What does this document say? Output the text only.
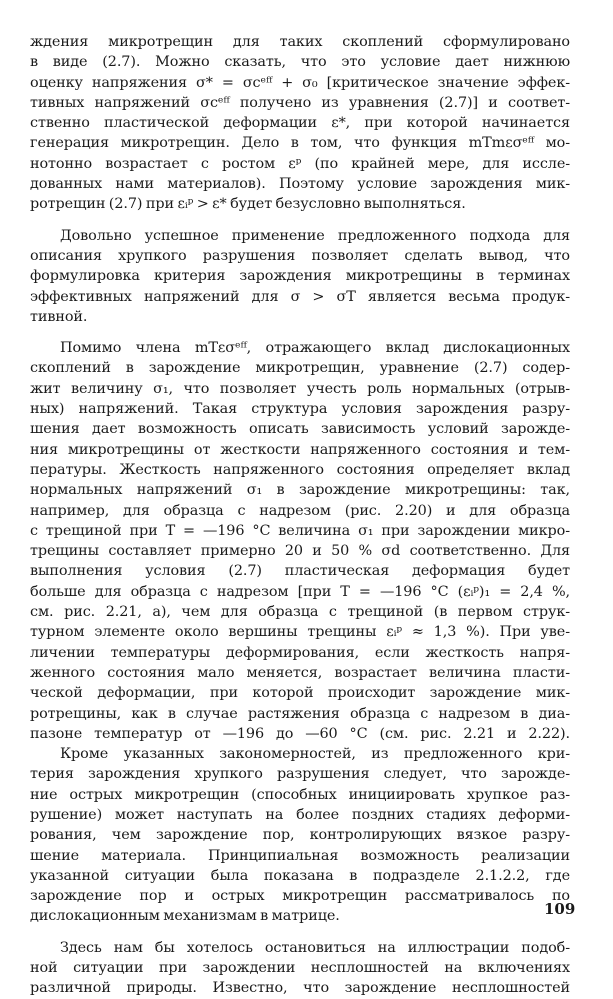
ждения микротрещин для таких скоплений сформулировано

в виде (2.7). Можно сказать, что это условие дает нижнюю

оценку напряжения σ* = σcᵉᶠᶠ + σ₀ [критическое значение эффек-

тивных напряжений σcᵉᶠᶠ получено из уравнения (2.7)] и соответ-

ственно пластической деформации ε*, при которой начинается

генерация микротрещин. Дело в том, что функция mTmεσᵉᶠᶠ мо-

нотонно возрастает с ростом εᵖ (по крайней мере, для иссле-

дованных нами материалов). Поэтому условие зарождения мик-

ротрещин (2.7) при εᵢᵖ > ε* будет безусловно выполняться.

Довольно успешное применение предложенного подхода для

описания хрупкого разрушения позволяет сделать вывод, что

формулировка критерия зарождения микротрещины в терминах

эффективных напряжений для σ > σT является весьма продук-

тивной.

Помимо члена mTεσᵉᶠᶠ, отражающего вклад дислокационных

скоплений в зарождение микротрещин, уравнение (2.7) содер-

жит величину σ₁, что позволяет учесть роль нормальных (отрыв-

ных) напряжений. Такая структура условия зарождения разру-

шения дает возможность описать зависимость условий зарожде-

ния микротрещины от жесткости напряженного состояния и тем-

пературы. Жесткость напряженного состояния определяет вклад

нормальных напряжений σ₁ в зарождение микротрещины: так,

например, для образца с надрезом (рис. 2.20) и для образца

с трещиной при T = —196 °C величина σ₁ при зарождении микро-

трещины составляет примерно 20 и 50 % σd соответственно. Для

выполнения условия (2.7) пластическая деформация будет

больше для образца с надрезом [при T = —196 °C (εᵢᵖ)₁ = 2,4 %,

см. рис. 2.21, а), чем для образца с трещиной (в первом струк-

турном элементе около вершины трещины εᵢᵖ ≈ 1,3 %). При уве-

личении температуры деформирования, если жесткость напря-

женного состояния мало меняется, возрастает величина пласти-

ческой деформации, при которой происходит зарождение мик-

ротрещины, как в случае растяжения образца с надрезом в диа-

пазоне температур от —196 до —60 °C (см. рис. 2.21 и 2.22).

Кроме указанных закономерностей, из предложенного кри-

терия зарождения хрупкого разрушения следует, что зарожде-

ние острых микротрещин (способных инициировать хрупкое раз-

рушение) может наступать на более поздних стадиях деформи-

рования, чем зарождение пор, контролирующих вязкое разру-

шение материала. Принципиальная возможность реализации

указанной ситуации была показана в подразделе 2.1.2.2, где

зарождение пор и острых микротрещин рассматривалось по

дислокационным механизмам в матрице.

Здесь нам бы хотелось остановиться на иллюстрации подоб-

ной ситуации при зарождении несплошностей на включениях

различной природы. Известно, что зарождение несплошностей

109
